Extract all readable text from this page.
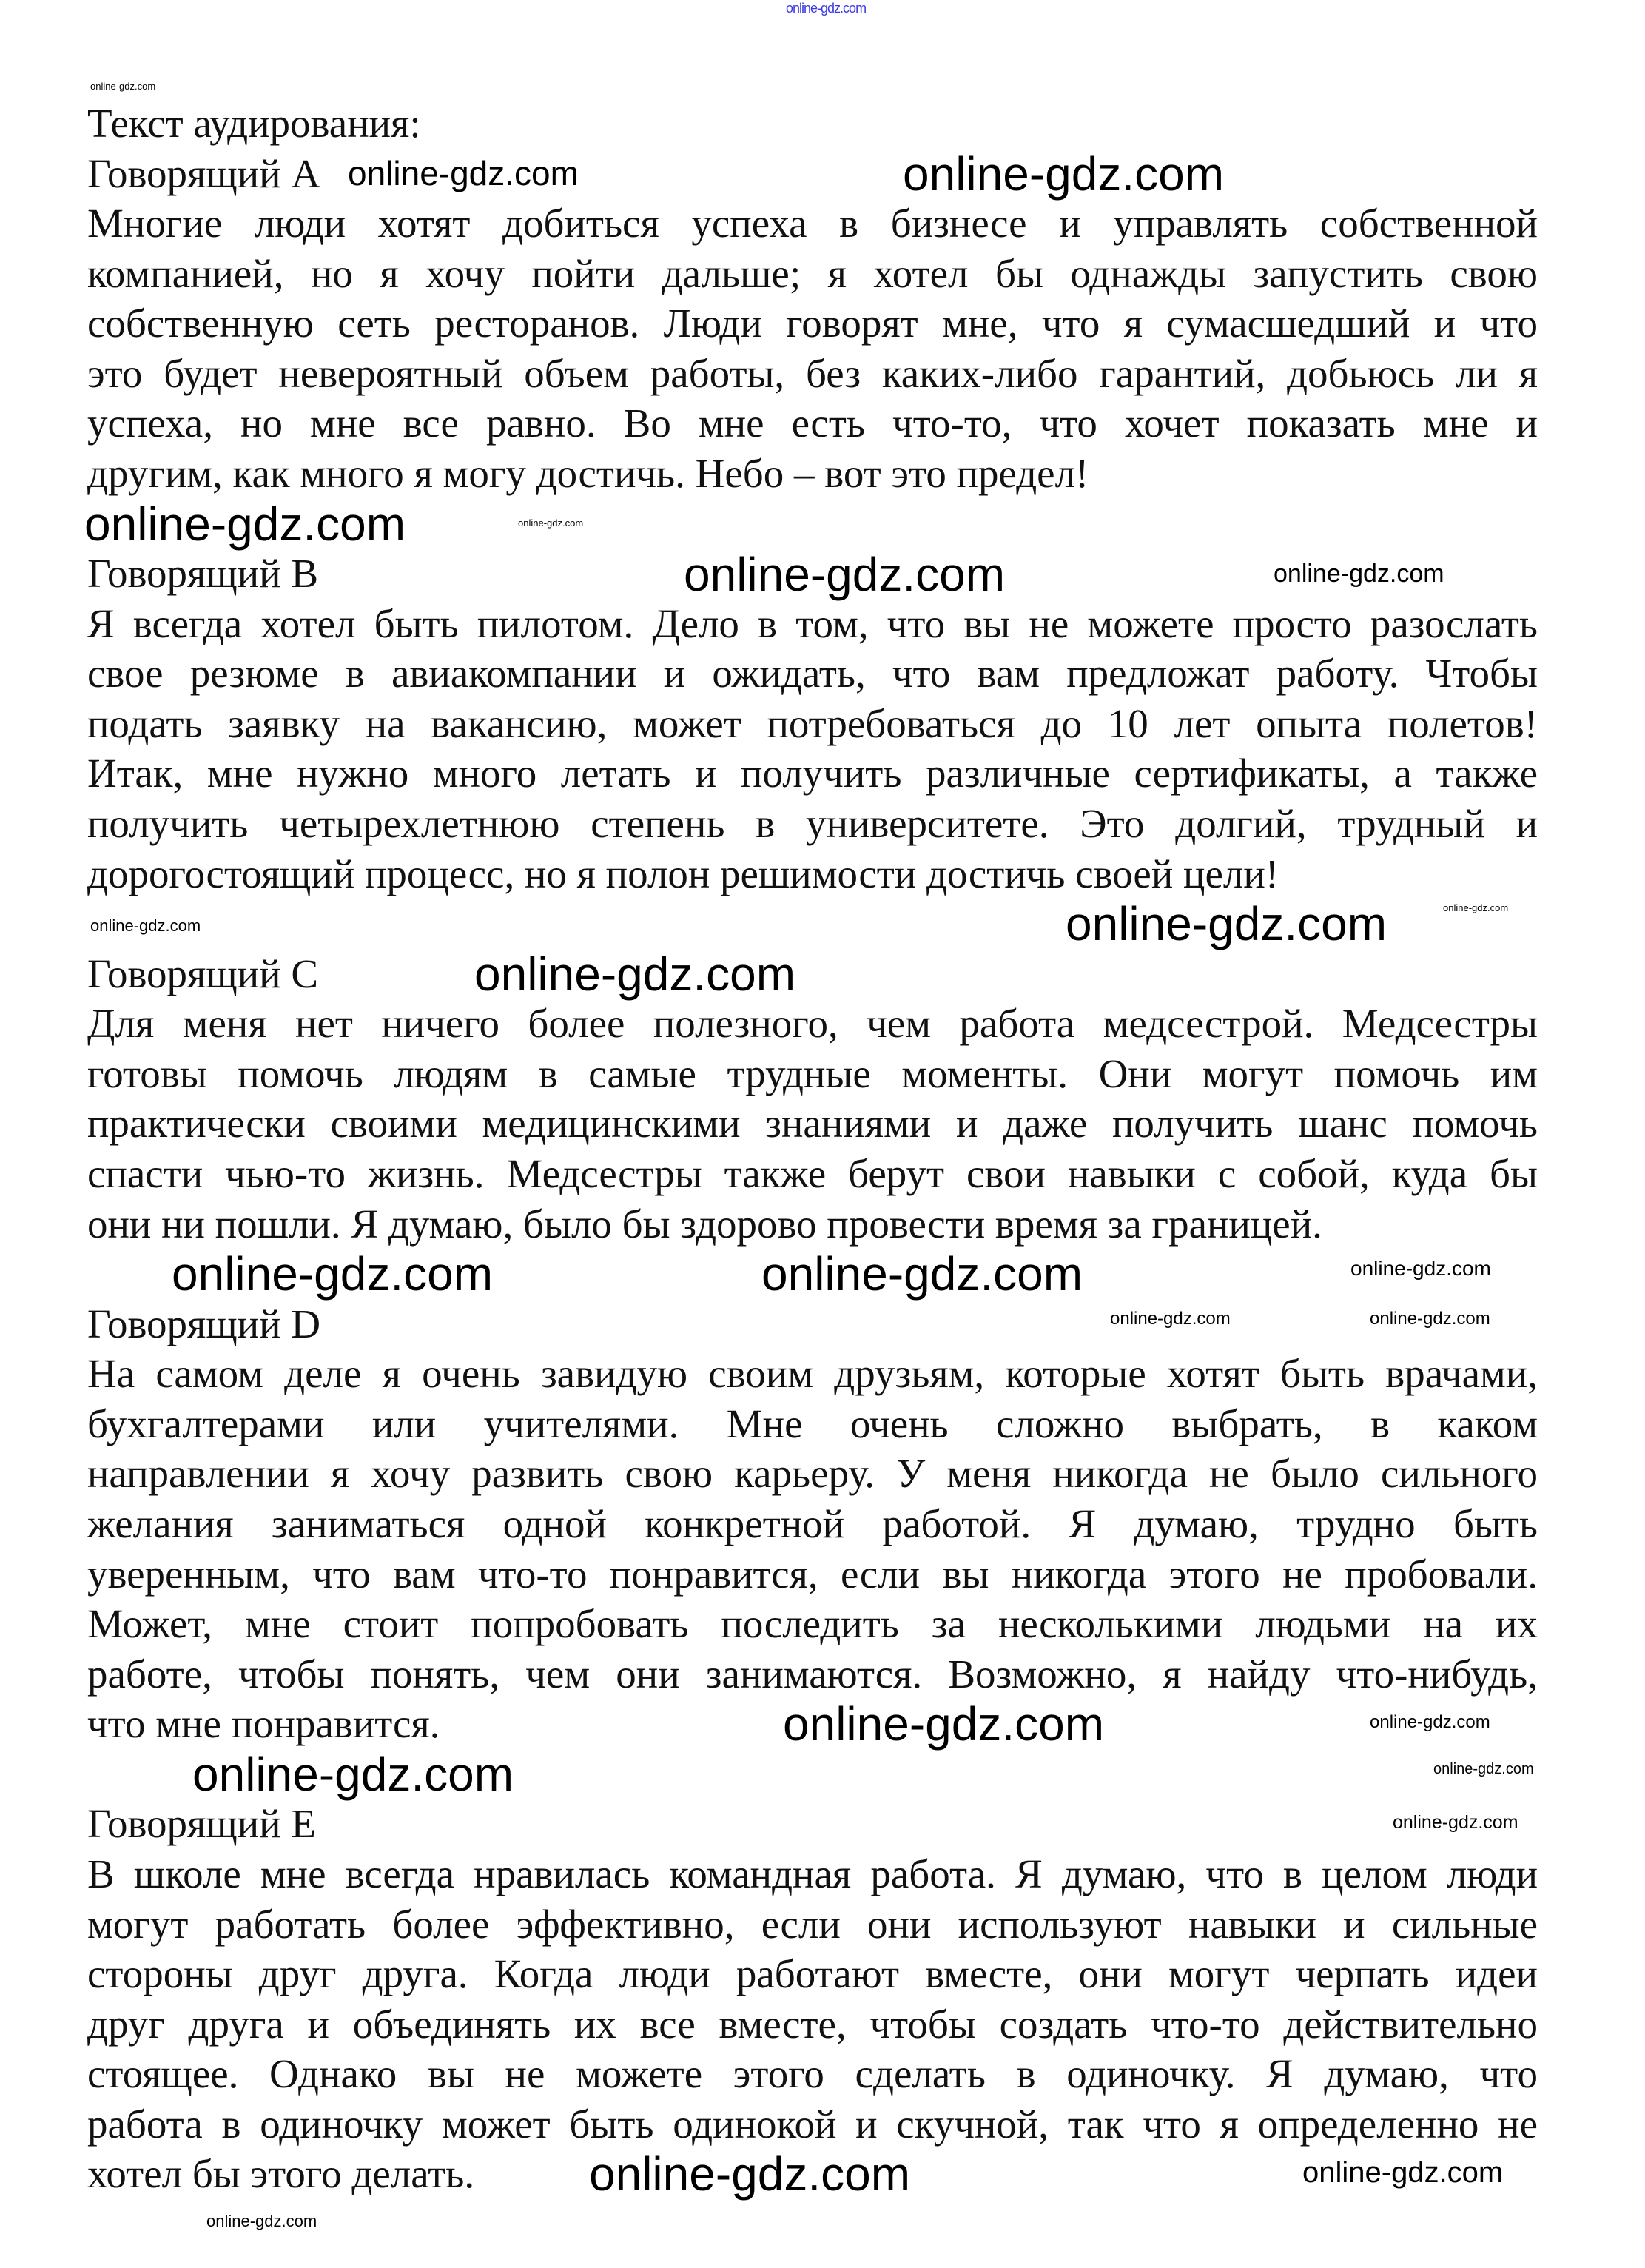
Текст аудирования:
Говорящий A
Многие люди хотят добиться успеха в бизнесе и управлять собственной
компанией, но я хочу пойти дальше; я хотел бы однажды запустить свою
собственную сеть ресторанов. Люди говорят мне, что я сумасшедший и что
это будет невероятный объем работы, без каких-либо гарантий, добьюсь ли я
успеха, но мне все равно. Во мне есть что-то, что хочет показать мне и
другим, как много я могу достичь. Небо – вот это предел!
Говорящий B
Я всегда хотел быть пилотом. Дело в том, что вы не можете просто разослать
свое резюме в авиакомпании и ожидать, что вам предложат работу. Чтобы
подать заявку на вакансию, может потребоваться до 10 лет опыта полетов!
Итак, мне нужно много летать и получить различные сертификаты, а также
получить четырехлетнюю степень в университете. Это долгий, трудный и
дорогостоящий процесс, но я полон решимости достичь своей цели!
Говорящий C
Для меня нет ничего более полезного, чем работа медсестрой. Медсестры
готовы помочь людям в самые трудные моменты. Они могут помочь им
практически своими медицинскими знаниями и даже получить шанс помочь
спасти чью-то жизнь. Медсестры также берут свои навыки с собой, куда бы
они ни пошли. Я думаю, было бы здорово провести время за границей.
Говорящий D
На самом деле я очень завидую своим друзьям, которые хотят быть врачами,
бухгалтерами или учителями. Мне очень сложно выбрать, в каком
направлении я хочу развить свою карьеру. У меня никогда не было сильного
желания заниматься одной конкретной работой. Я думаю, трудно быть
уверенным, что вам что-то понравится, если вы никогда этого не пробовали.
Может, мне стоит попробовать последить за несколькими людьми на их
работе, чтобы понять, чем они занимаются. Возможно, я найду что-нибудь,
что мне понравится.
Говорящий E
В школе мне всегда нравилась командная работа. Я думаю, что в целом люди
могут работать более эффективно, если они используют навыки и сильные
стороны друг друга. Когда люди работают вместе, они могут черпать идеи
друг друга и объединять их все вместе, чтобы создать что-то действительно
стоящее. Однако вы не можете этого сделать в одиночку. Я думаю, что
работа в одиночку может быть одинокой и скучной, так что я определенно не
хотел бы этого делать.
online-gdz.com
online-gdz.com
online-gdz.com	online-gdz.com
online-gdz.com
online-gdz.com
online-gdz.com
online-gdz.com
online-gdz.com
online-gdz.com
online-gdz.com
online-gdz.com
online-gdz.com
online-gdz.com	online-gdz.com
online-gdz.com
online-gdz.com
online-gdz.com	online-gdz.com
online-gdz.com
online-gdz.com
online-gdz.com
online-gdz.com
online-gdz.com
online-gdz.com
